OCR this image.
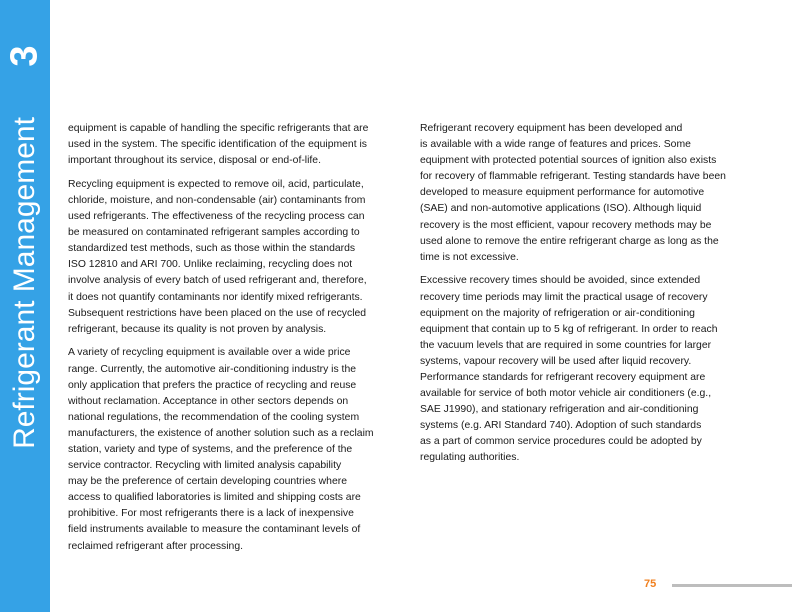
3
Refrigerant Management	equipment is capable of handling the specific refrigerants that are
used in the system. The specific identification of the equipment is
important throughout its service, disposal or end-of-life.

Recycling equipment is expected to remove oil, acid, particulate,
chloride, moisture, and non-condensable (air) contaminants from
used refrigerants. The effectiveness of the recycling process can
be measured on contaminated refrigerant samples according to
standardized test methods, such as those within the standards
ISO 12810 and ARI 700. Unlike reclaiming, recycling does not
involve analysis of every batch of used refrigerant and, therefore,
it does not quantify contaminants nor identify mixed refrigerants.
Subsequent restrictions have been placed on the use of recycled
refrigerant, because its quality is not proven by analysis.

A variety of recycling equipment is available over a wide price
range. Currently, the automotive air-conditioning industry is the
only application that prefers the practice of recycling and reuse
without reclamation. Acceptance in other sectors depends on
national regulations, the recommendation of the cooling system
manufacturers, the existence of another solution such as a reclaim
station, variety and type of systems, and the preference of the
service contractor. Recycling with limited analysis capability
may be the preference of certain developing countries where
access to qualified laboratories is limited and shipping costs are
prohibitive. For most refrigerants there is a lack of inexpensive
field instruments available to measure the contaminant levels of
reclaimed refrigerant after processing.

Refrigerant recovery equipment has been developed and
is available with a wide range of features and prices. Some
equipment with protected potential sources of ignition also exists
for recovery of flammable refrigerant. Testing standards have been
developed to measure equipment performance for automotive
(SAE) and non-automotive applications (ISO). Although liquid
recovery is the most efficient, vapour recovery methods may be
used alone to remove the entire refrigerant charge as long as the
time is not excessive.

Excessive recovery times should be avoided, since extended
recovery time periods may limit the practical usage of recovery
equipment on the majority of refrigeration or air-conditioning
equipment that contain up to 5 kg of refrigerant. In order to reach
the vacuum levels that are required in some countries for larger
systems, vapour recovery will be used after liquid recovery.
Performance standards for refrigerant recovery equipment are
available for service of both motor vehicle air conditioners (e.g.,
SAE J1990), and stationary refrigeration and air-conditioning
systems (e.g. ARI Standard 740). Adoption of such standards
as a part of common service procedures could be adopted by
regulating authorities.

75
